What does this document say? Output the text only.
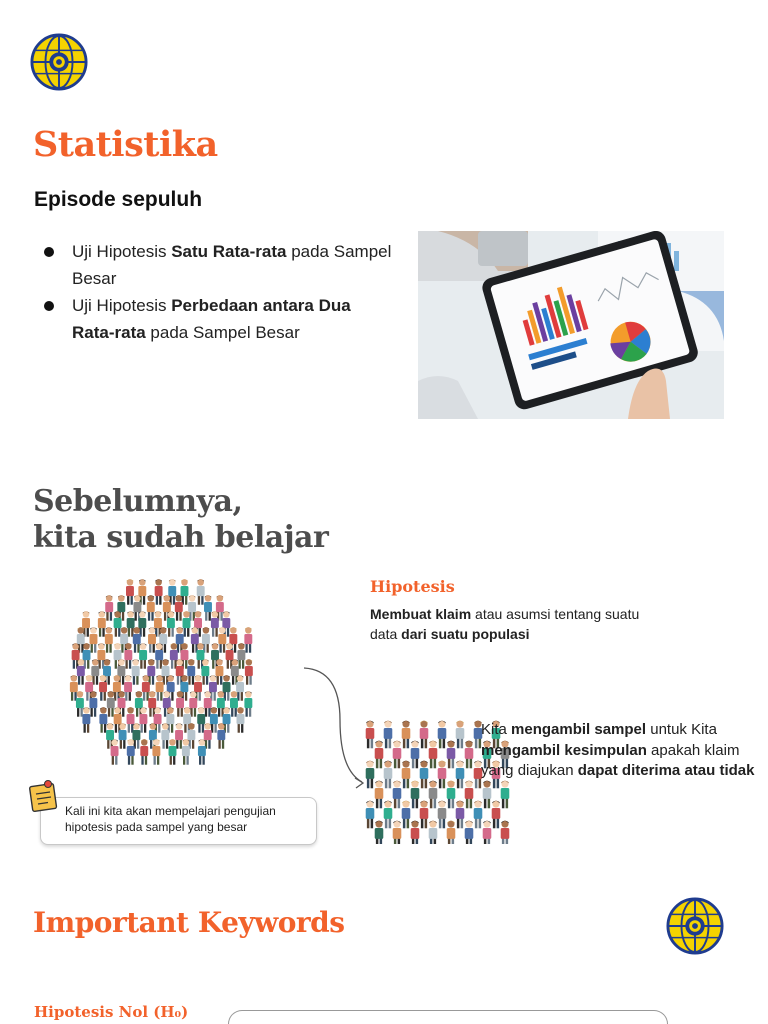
Statistika
Episode sepuluh
Uji Hipotesis Satu Rata-rata pada Sampel Besar
Uji Hipotesis Perbedaan antara Dua Rata-rata pada Sampel Besar
Sebelumnya,
kita sudah belajar
Hipotesis
Membuat klaim atau asumsi tentang suatu data dari suatu populasi
Kita mengambil sampel untuk Kita mengambil kesimpulan apakah klaim yang diajukan dapat diterima atau tidak
Kali ini kita akan mempelajari pengujian hipotesis pada sampel yang besar
Important Keywords
Hipotesis Nol (H₀)
